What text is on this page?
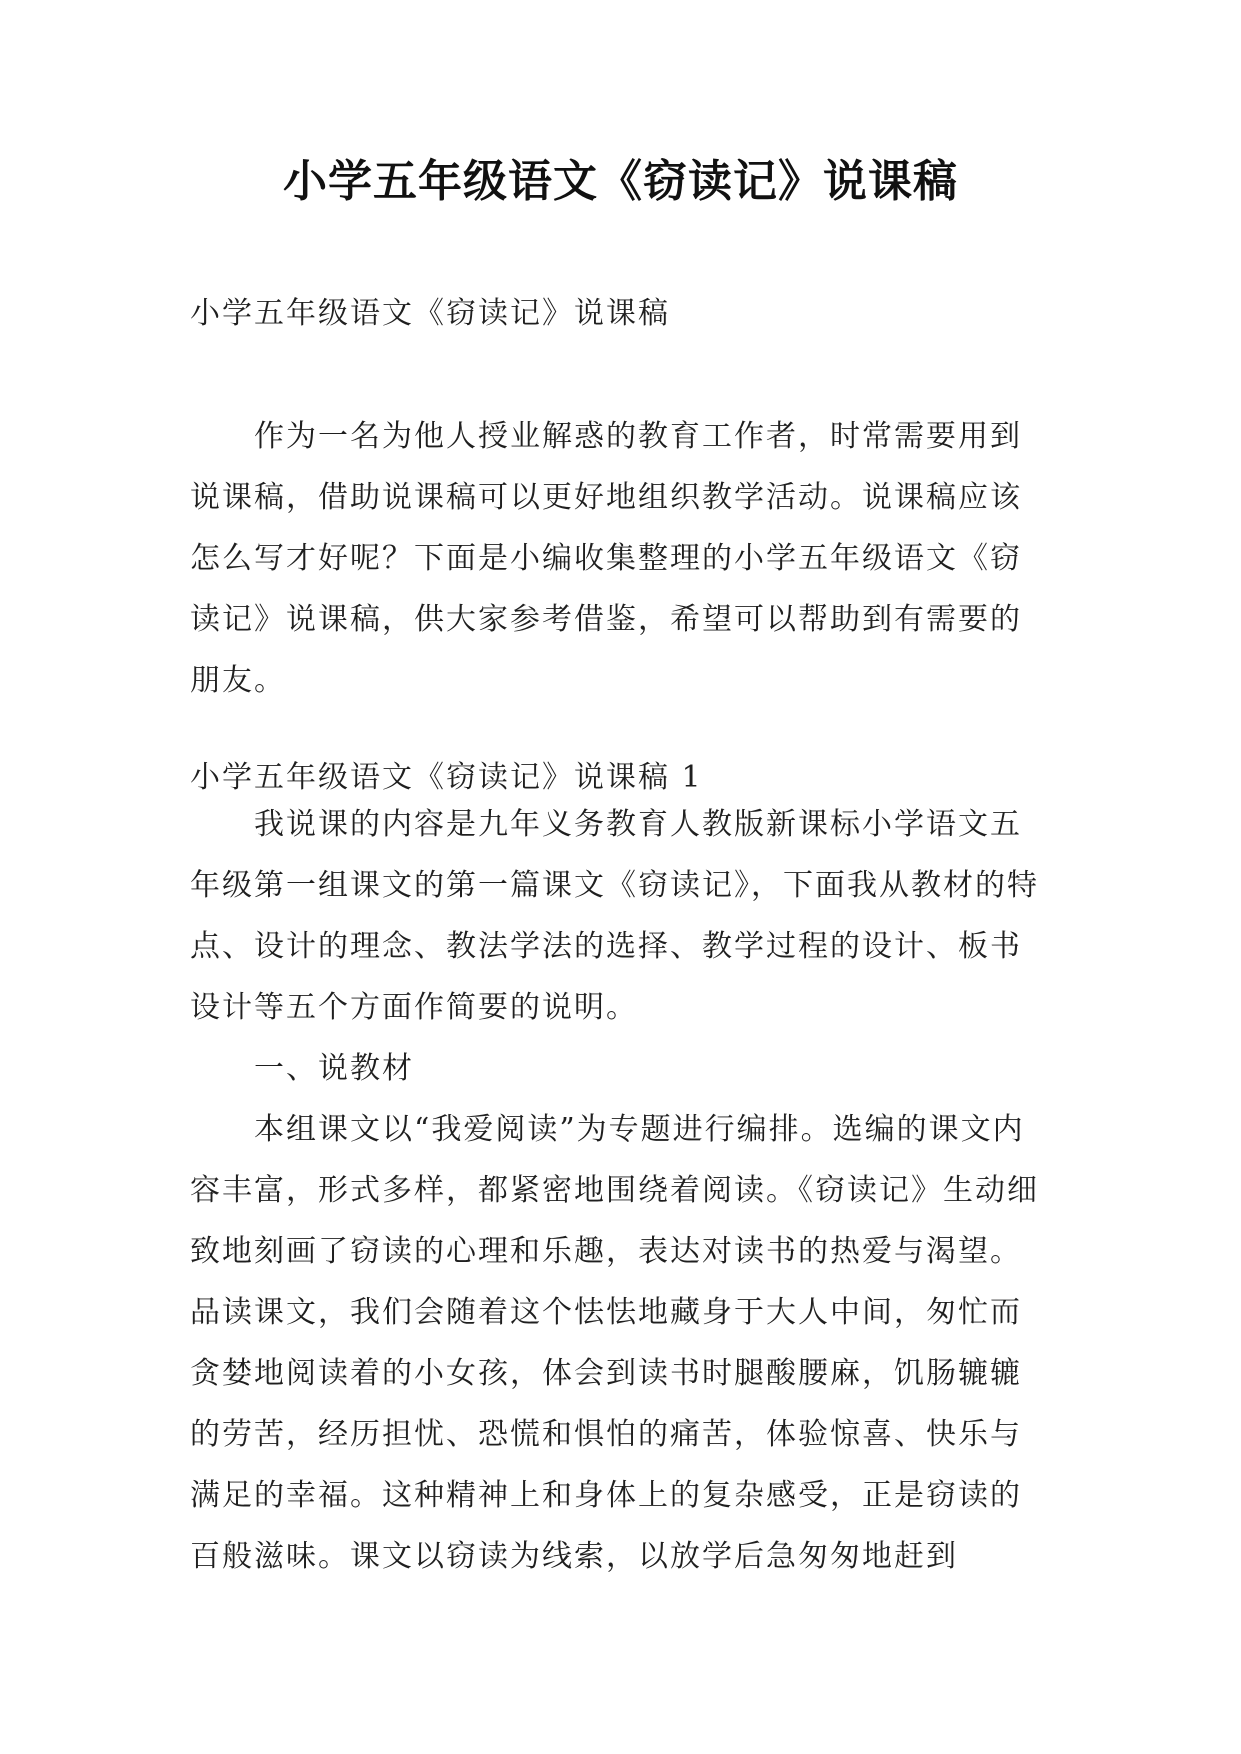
小学五年级语文《窃读记》说课稿
小学五年级语文《窃读记》说课稿

作为一名为他人授业解惑的教育工作者，时常需要用到说课稿，借助说课稿可以更好地组织教学活动。说课稿应该怎么写才好呢？下面是小编收集整理的小学五年级语文《窃读记》说课稿，供大家参考借鉴，希望可以帮助到有需要的朋友。

小学五年级语文《窃读记》说课稿 1

我说课的内容是九年义务教育人教版新课标小学语文五年级第一组课文的第一篇课文《窃读记》，下面我从教材的特点、设计的理念、教法学法的选择、教学过程的设计、板书设计等五个方面作简要的说明。

一、说教材

本组课文以“我爱阅读”为专题进行编排。选编的课文内容丰富，形式多样，都紧密地围绕着阅读。《窃读记》生动细致地刻画了窃读的心理和乐趣，表达对读书的热爱与渴望。品读课文，我们会随着这个怯怯地藏身于大人中间，匆忙而贪婪地阅读着的小女孩，体会到读书时腿酸腰麻，饥肠辘辘的劳苦，经历担忧、恐慌和惧怕的痛苦，体验惊喜、快乐与满足的幸福。这种精神上和身体上的复杂感受，正是窃读的百般滋味。课文以窃读为线索，以放学后急匆匆地赶到
